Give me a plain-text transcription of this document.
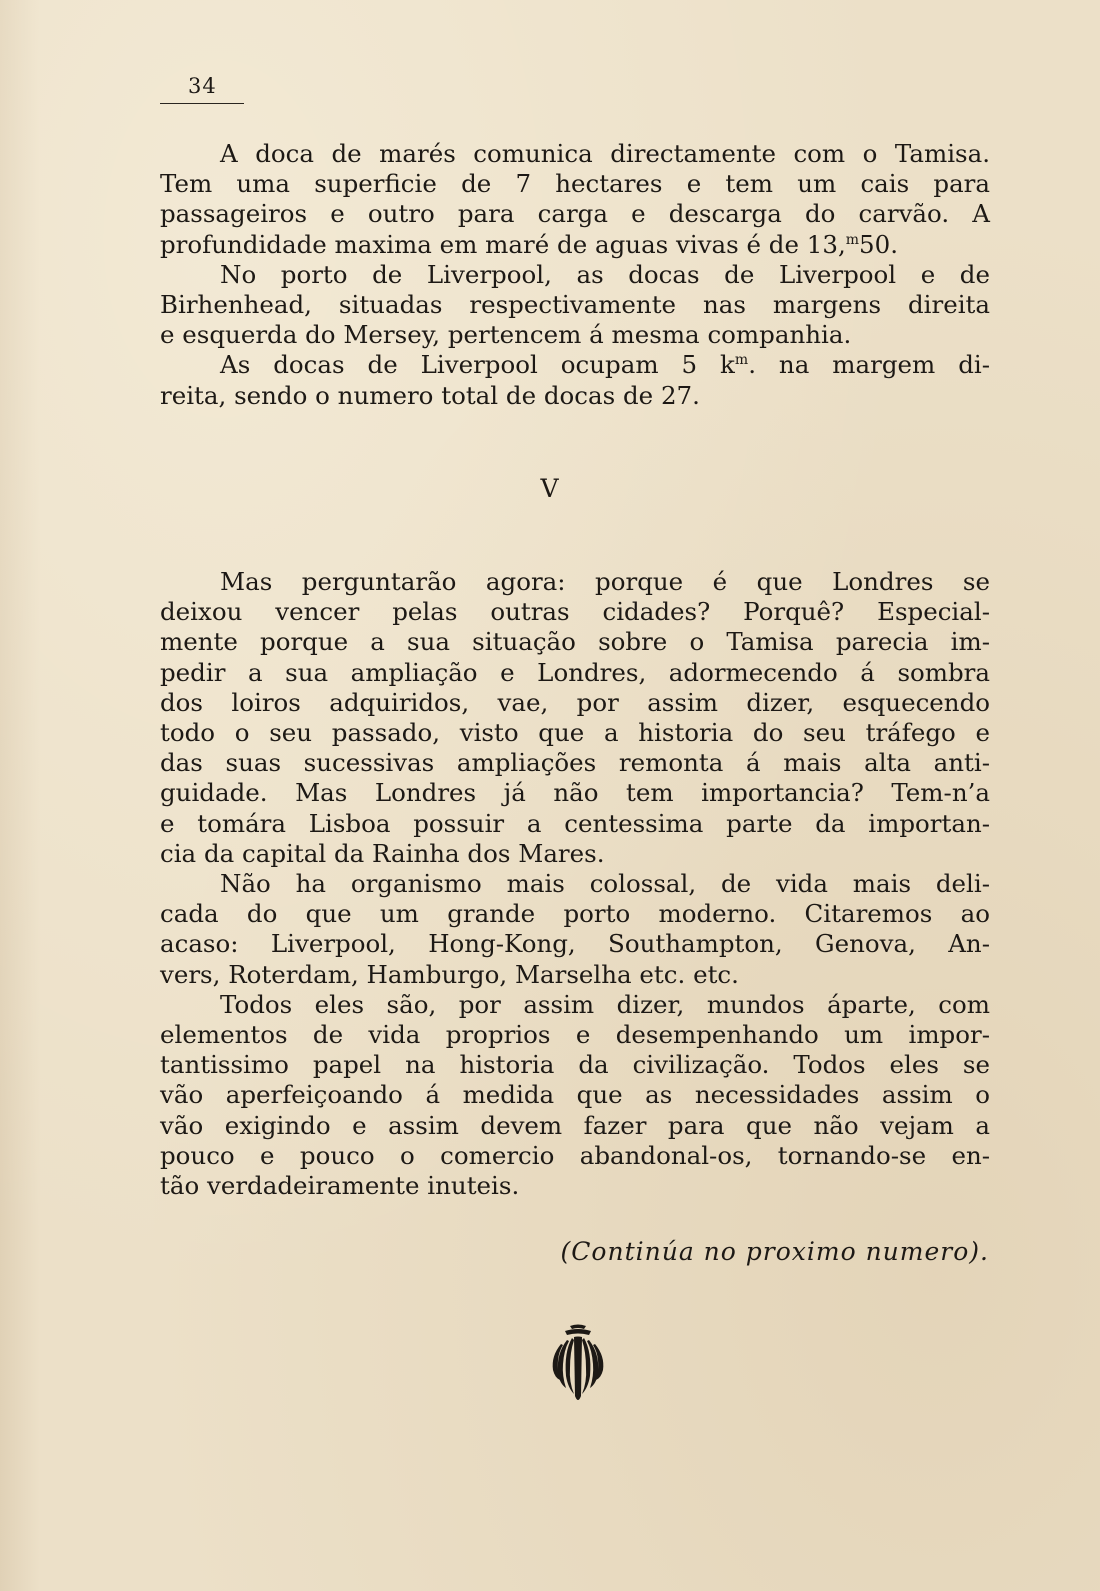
34
A doca de marés comunica directamente com o Tamisa.
Tem uma superficie de 7 hectares e tem um cais para
passageiros e outro para carga e descarga do carvão. A
profundidade maxima em maré de aguas vivas é de 13,$^m$50.
No porto de Liverpool, as docas de Liverpool e de
Birhenhead, situadas respectivamente nas margens direita
e esquerda do Mersey, pertencem á mesma companhia.
As docas de Liverpool ocupam 5 $k^m$. na margem di-
reita, sendo o numero total de docas de 27.
V
Mas perguntarão agora: porque é que Londres se
deixou vencer pelas outras cidades? Porquê? Especial-
mente porque a sua situação sobre o Tamisa parecia im-
pedir a sua ampliação e Londres, adormecendo á sombra
dos loiros adquiridos, vae, por assim dizer, esquecendo
todo o seu passado, visto que a historia do seu tráfego e
das suas sucessivas ampliações remonta á mais alta anti-
guidade. Mas Londres já não tem importancia? Tem-n’a
e tomára Lisboa possuir a centessima parte da importan-
cia da capital da Rainha dos Mares.
Não ha organismo mais colossal, de vida mais deli-
cada do que um grande porto moderno. Citaremos ao
acaso: Liverpool, Hong-Kong, Southampton, Genova, An-
vers, Roterdam, Hamburgo, Marselha etc. etc.
Todos eles são, por assim dizer, mundos áparte, com
elementos de vida proprios e desempenhando um impor-
tantissimo papel na historia da civilização. Todos eles se
vão aperfeiçoando á medida que as necessidades assim o
vão exigindo e assim devem fazer para que não vejam a
pouco e pouco o comercio abandonal-os, tornando-se en-
tão verdadeiramente inuteis.
(Continúa no proximo numero).
